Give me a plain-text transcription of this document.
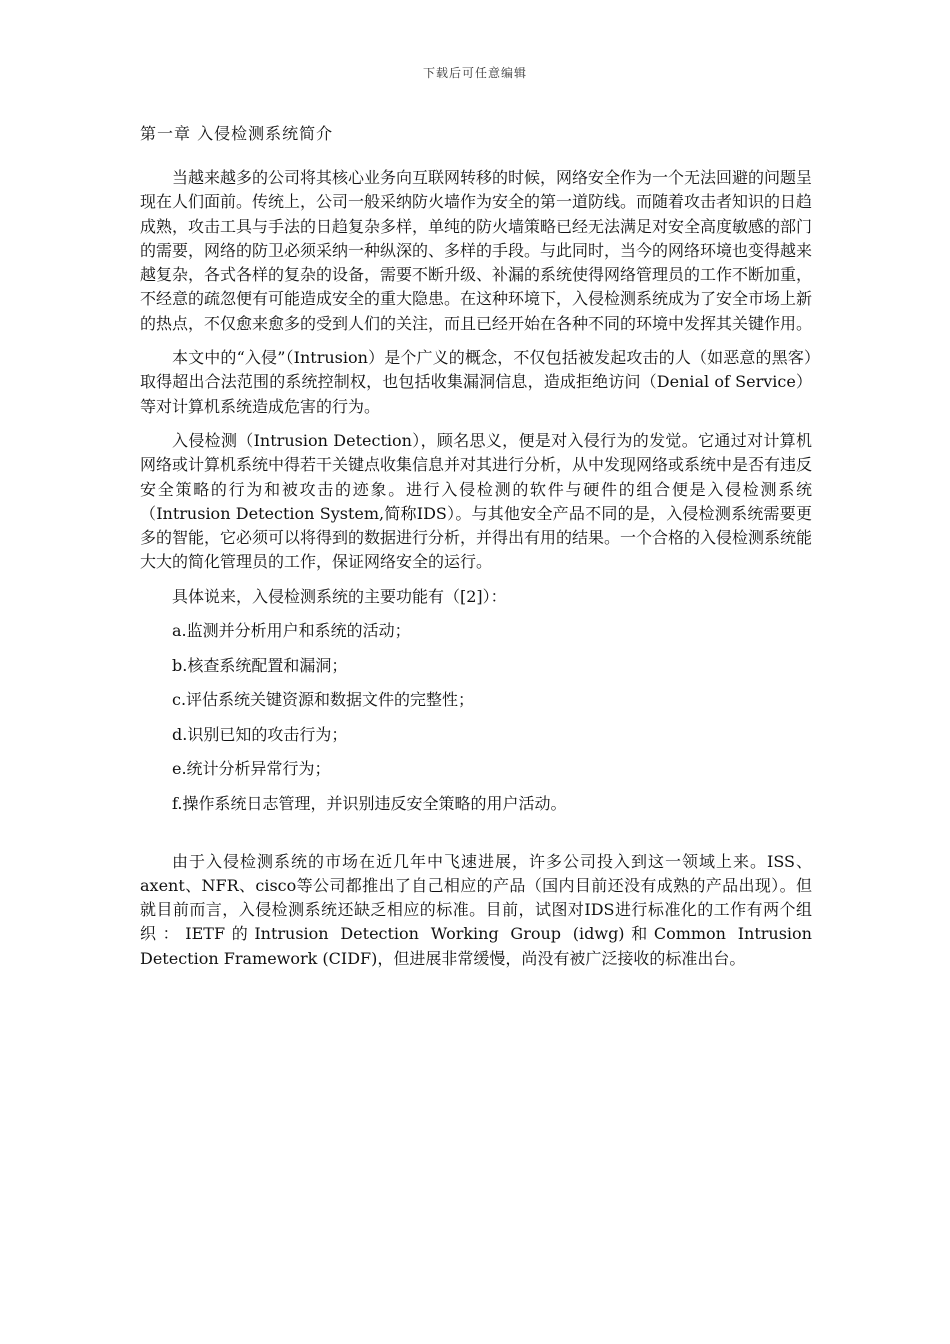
下载后可任意编辑
第一章 入侵检测系统简介

当越来越多的公司将其核心业务向互联网转移的时候，网络安全作为一个无法回避的问题呈现在人们面前。传统上，公司一般采纳防火墙作为安全的第一道防线。而随着攻击者知识的日趋成熟，攻击工具与手法的日趋复杂多样，单纯的防火墙策略已经无法满足对安全高度敏感的部门的需要，网络的防卫必须采纳一种纵深的、多样的手段。与此同时，当今的网络环境也变得越来越复杂，各式各样的复杂的设备，需要不断升级、补漏的系统使得网络管理员的工作不断加重，不经意的疏忽便有可能造成安全的重大隐患。在这种环境下，入侵检测系统成为了安全市场上新的热点，不仅愈来愈多的受到人们的关注，而且已经开始在各种不同的环境中发挥其关键作用。

本文中的“入侵”（Intrusion）是个广义的概念，不仅包括被发起攻击的人（如恶意的黑客）取得超出合法范围的系统控制权，也包括收集漏洞信息，造成拒绝访问（Denial of Service）等对计算机系统造成危害的行为。

入侵检测（Intrusion Detection），顾名思义，便是对入侵行为的发觉。它通过对计算机网络或计算机系统中得若干关键点收集信息并对其进行分析，从中发现网络或系统中是否有违反安全策略的行为和被攻击的迹象。进行入侵检测的软件与硬件的组合便是入侵检测系统（Intrusion Detection System,简称IDS）。与其他安全产品不同的是，入侵检测系统需要更多的智能，它必须可以将得到的数据进行分析，并得出有用的结果。一个合格的入侵检测系统能大大的简化管理员的工作，保证网络安全的运行。

具体说来，入侵检测系统的主要功能有（[2]）：

a.监测并分析用户和系统的活动；
b.核查系统配置和漏洞；
c.评估系统关键资源和数据文件的完整性；
d.识别已知的攻击行为；
e.统计分析异常行为；
f.操作系统日志管理，并识别违反安全策略的用户活动。

由于入侵检测系统的市场在近几年中飞速进展，许多公司投入到这一领域上来。ISS、axent、NFR、cisco等公司都推出了自己相应的产品（国内目前还没有成熟的产品出现）。但就目前而言，入侵检测系统还缺乏相应的标准。目前，试图对IDS进行标准化的工作有两个组织：IETF的Intrusion Detection Working Group (idwg)和Common Intrusion Detection Framework (CIDF)，但进展非常缓慢，尚没有被广泛接收的标准出台。
